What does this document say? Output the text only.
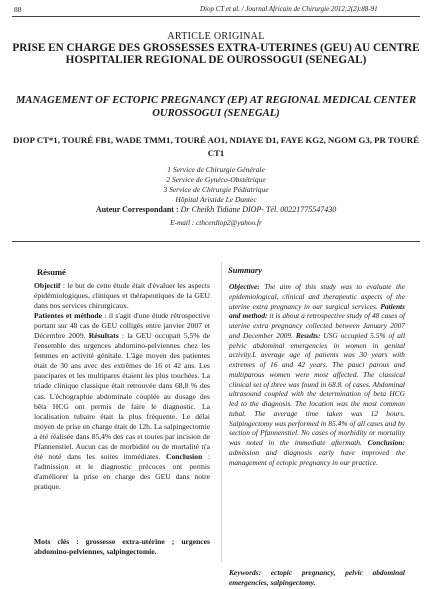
88	Diop CT et al. / Journal Africain de Chirurgie 2012;2(2):88-91
ARTICLE ORIGINAL
PRISE EN CHARGE DES GROSSESSES EXTRA-UTERINES (GEU) AU CENTRE HOSPITALIER REGIONAL DE OUROSSOGUI (SENEGAL)
MANAGEMENT OF ECTOPIC PREGNANCY (EP) AT REGIONAL MEDICAL CENTER OUROSSOGUI (SENEGAL)
DIOP CT*1, TOURÉ FB1, WADE TMM1, TOURÉ AO1, NDIAYE D1, FAYE KG2, NGOM G3, PR TOURÉ CT1
1 Service de Chirurgie Générale
2 Service de Gynéco-Obstétrique
3 Service de Chirurgie Pédiatrique
Hôpital Aristide Le Dantec
Auteur Correspondant : Dr Cheikh Tidiane DIOP- Tél. 00221775547430
E-mail : cthcerdiop2@yahoo.fr
Résumé	Summary
Objectif : le but de cette étude était d'évaluer les aspects épidémiologiques, cliniques et thérapeutiques de la GEU dans nos services chirurgicaux.
Patientes et méthode : il s'agit d'une étude rétrospective portant sur 48 cas de GEU colligés entre janvier 2007 et Décembre 2009. Résultats : la GEU occupait 5,5% de l'ensemble des urgences abdomino-pelviennes chez les femmes en activité génitale. L'âge moyen des patientes était de 30 ans avec des extrêmes de 16 et 42 ans. Les paucipares et les multipares étaient les plus touchées. La triade clinique classique était retrouvée dans 68,8 % des cas. L'échographie abdominale couplée au dosage des bêta HCG ont permis de faire le diagnostic. La localisation tubaire était la plus fréquente. Le délai moyen de prise en charge était de 12h. La salpingectomie a été réalisée dans 85,4% des cas et toutes par incision de Pfannenstiel. Aucun cas de morbidité ou de mortalité n'a été noté dans les suites immédiates. Conclusion : l'admission et le diagnostic précoces ont permis d'améliorer la prise en charge des GEU dans notre pratique.
Mots clés : grossesse extra-utérine ; urgences abdomino-pelviennes, salpingectomie.
Objective: The aim of this study was to evaluate the epidemiological, clinical and therapeutic aspects of the uterine extra pregnancy in our surgical services. Patients and method: it is about a retrospective study of 48 cases of uterine extra pregnancy collected between January 2007 and December 2009. Results: USG occupied 5.5% of all pelvic abdominal emergencies in women in genital activity.L average age of patients was 30 years with extremes of 16 and 42 years. The pauci parous and multiparous women were most affected. The classical clinical set of three was found in 68.8. of cases. Abdominal ultrasound coupled with the determination of beta HCG led to the diagnosis. The location was the most common tubal. The average time taken was 12 hours. Salpingectomy was performed in 85.4% of all cases and by section of Pfannenstiel. No cases of morbidity or mortality was noted in the immediate aftermath. Conclusion: admission and diagnosis early have improved the management of ectopic pregnancy in our practice.
Keywords: ectopic pregnancy, pelvic abdominal emergencies, salpingectomy.
